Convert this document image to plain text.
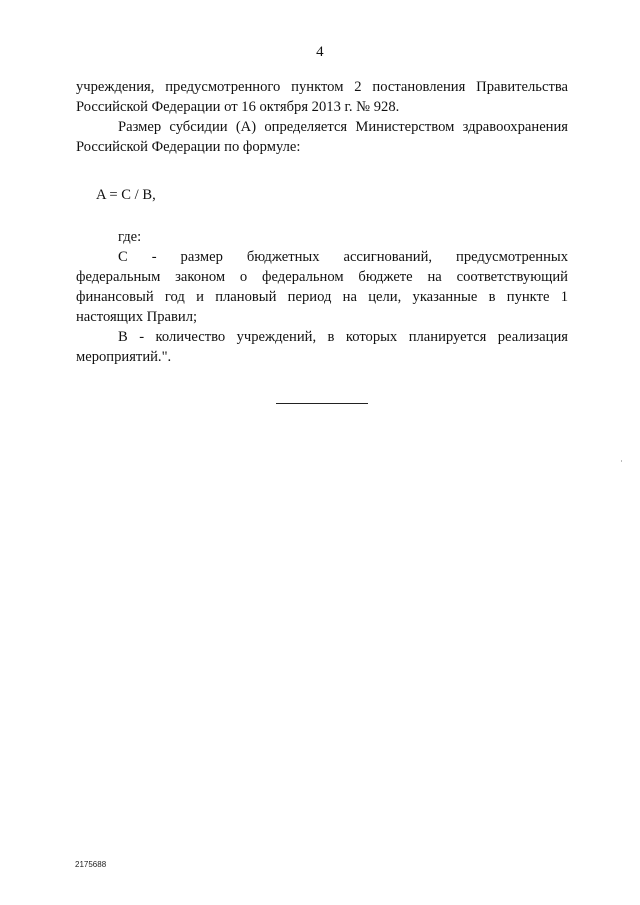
4

учреждения, предусмотренного пунктом 2 постановления Правительства
Российской Федерации от 16 октября 2013 г. № 928.

Размер субсидии (А) определяется Министерством здравоохранения
Российской Федерации по формуле:

A = C / B,

где:

С - размер бюджетных ассигнований, предусмотренных
федеральным законом о федеральном бюджете на соответствующий
финансовый год и плановый период на цели, указанные в пункте 1
настоящих Правил;

В - количество учреждений, в которых планируется реализация
мероприятий.".

2175688
